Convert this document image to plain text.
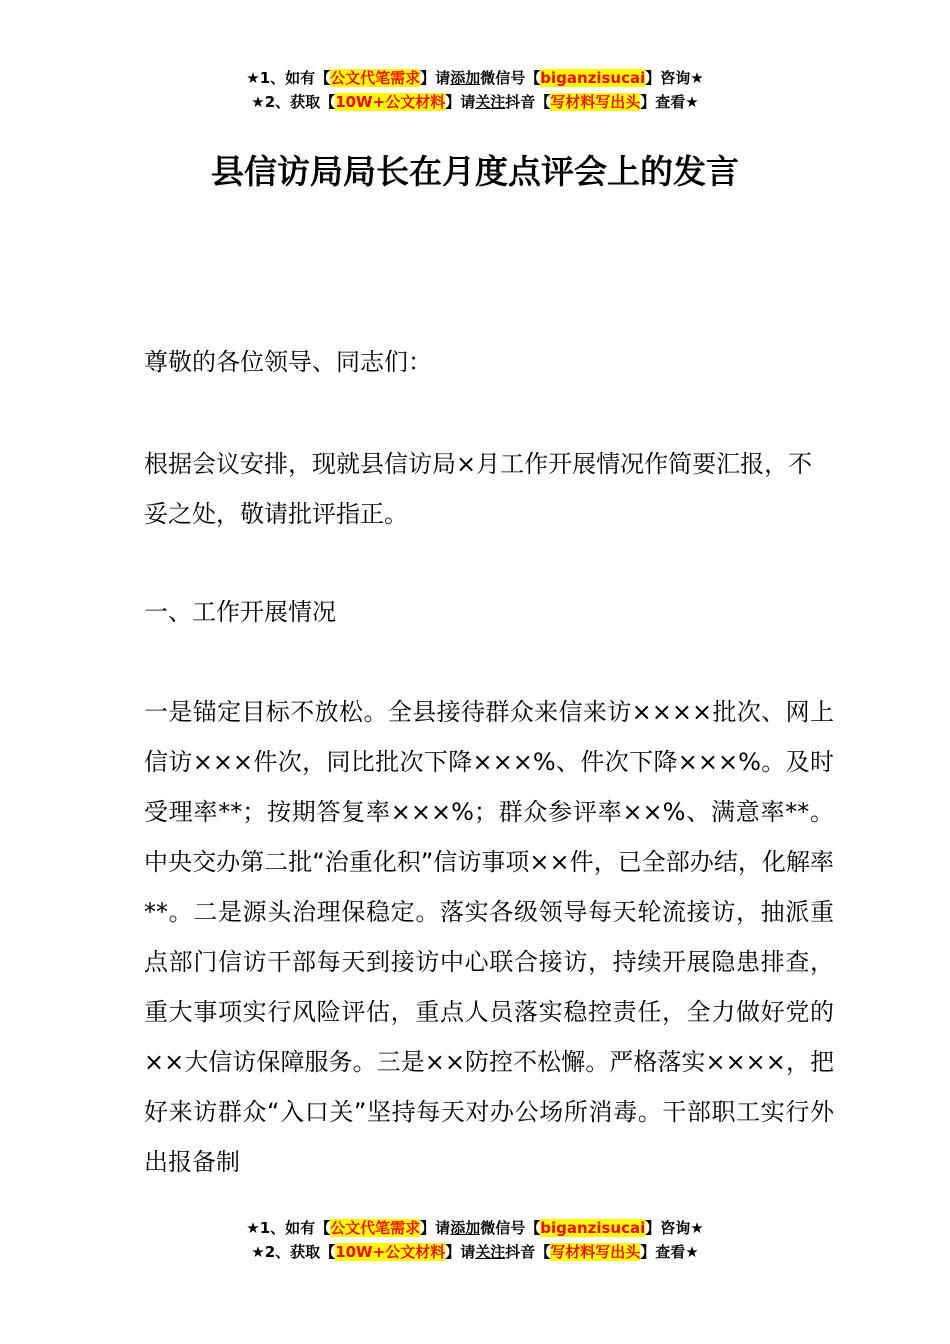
★1、如有【公文代笔需求】请添加微信号【biganzisucai】咨询★
★2、获取【10W+公文材料】请关注抖音【写材料写出头】查看★
县信访局局长在月度点评会上的发言

尊敬的各位领导、同志们：

根据会议安排，现就县信访局×月工作开展情况作简要汇报，不妥之处，敬请批评指正。

一、工作开展情况

一是锚定目标不放松。全县接待群众来信来访××××批次、网上信访×××件次，同比批次下降×××%、件次下降×××%。及时受理率**；按期答复率×××%；群众参评率××%、满意率**。中央交办第二批“治重化积”信访事项××件，已全部办结，化解率**。二是源头治理保稳定。落实各级领导每天轮流接访，抽派重点部门信访干部每天到接访中心联合接访，持续开展隐患排查，重大事项实行风险评估，重点人员落实稳控责任，全力做好党的××大信访保障服务。三是××防控不松懈。严格落实××××，把好来访群众“入口关”坚持每天对办公场所消毒。干部职工实行外出报备制

★1、如有【公文代笔需求】请添加微信号【biganzisucai】咨询★
★2、获取【10W+公文材料】请关注抖音【写材料写出头】查看★
